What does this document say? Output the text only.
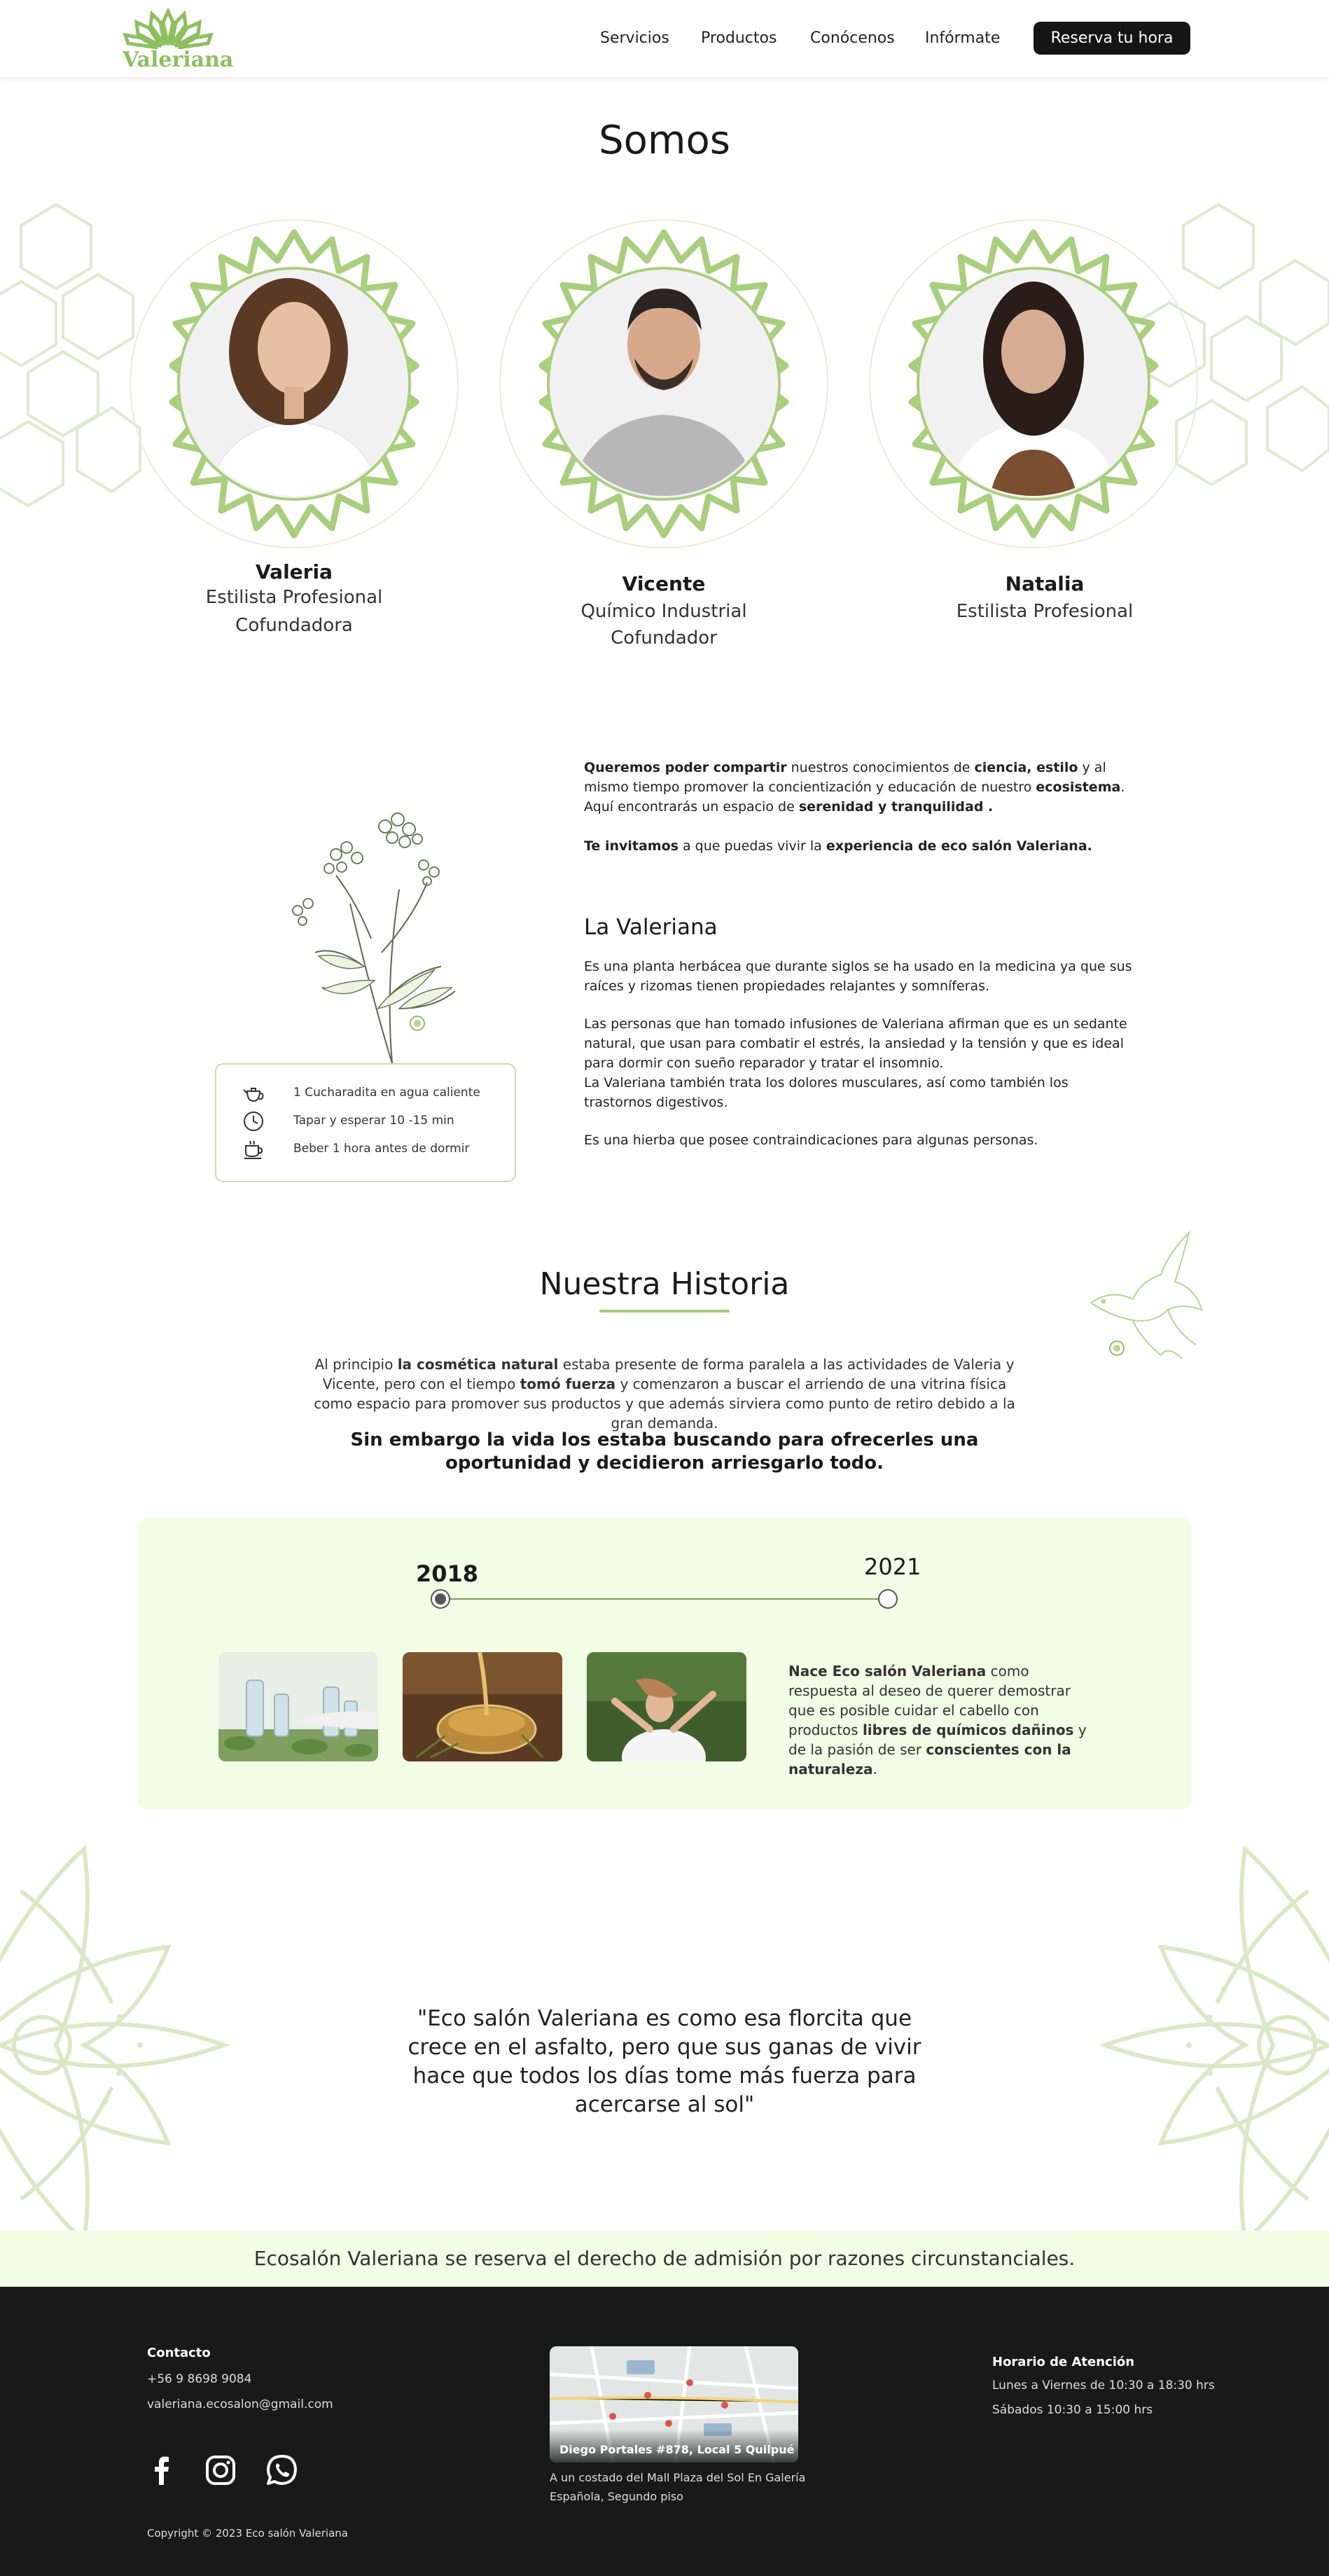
Valeriana
Servicios Productos Conócenos Infórmate	Reserva tu hora
Somos
Valeria
Estilista Profesional
Cofundadora
Vicente
Químico Industrial
Cofundador
Natalia
Estilista Profesional
1 Cucharadita en agua caliente
Tapar y esperar 10 -15 min
Beber 1 hora antes de dormir
Queremos poder compartir nuestros conocimientos de ciencia, estilo y al mismo tiempo promover la concientización y educación de nuestro ecosistema.
Aquí encontrarás un espacio de serenidad y tranquilidad .
Te invitamos a que puedas vivir la experiencia de eco salón Valeriana.
La Valeriana
Es una planta herbácea que durante siglos se ha usado en la medicina ya que sus raíces y rizomas tienen propiedades relajantes y somníferas.
Las personas que han tomado infusiones de Valeriana afirman que es un sedante natural, que usan para combatir el estrés, la ansiedad y la tensión y que es ideal para dormir con sueño reparador y tratar el insomnio.
La Valeriana también trata los dolores musculares, así como también los trastornos digestivos.
Es una hierba que posee contraindicaciones para algunas personas.
Nuestra Historia
Al principio la cosmética natural estaba presente de forma paralela a las actividades de Valeria y Vicente, pero con el tiempo tomó fuerza y comenzaron a buscar el arriendo de una vitrina física como espacio para promover sus productos y que además sirviera como punto de retiro debido a la gran demanda.
Sin embargo la vida los estaba buscando para ofrecerles una oportunidad y decidieron arriesgarlo todo.
2018	2021
Nace Eco salón Valeriana como respuesta al deseo de querer demostrar que es posible cuidar el cabello con productos libres de químicos dañinos y de la pasión de ser conscientes con la naturaleza.
"Eco salón Valeriana es como esa florcita que crece en el asfalto, pero que sus ganas de vivir hace que todos los días tome más fuerza para acercarse al sol"
Ecosalón Valeriana se reserva el derecho de admisión por razones circunstanciales.
Contacto
+56 9 8698 9084
valeriana.ecosalon@gmail.com
Copyright © 2023 Eco salón Valeriana
Diego Portales #878, Local 5 Quilpué
A un costado del Mall Plaza del Sol En Galería
Española, Segundo piso
Horario de Atención
Lunes a Viernes de 10:30 a 18:30 hrs
Sábados 10:30 a 15:00 hrs
